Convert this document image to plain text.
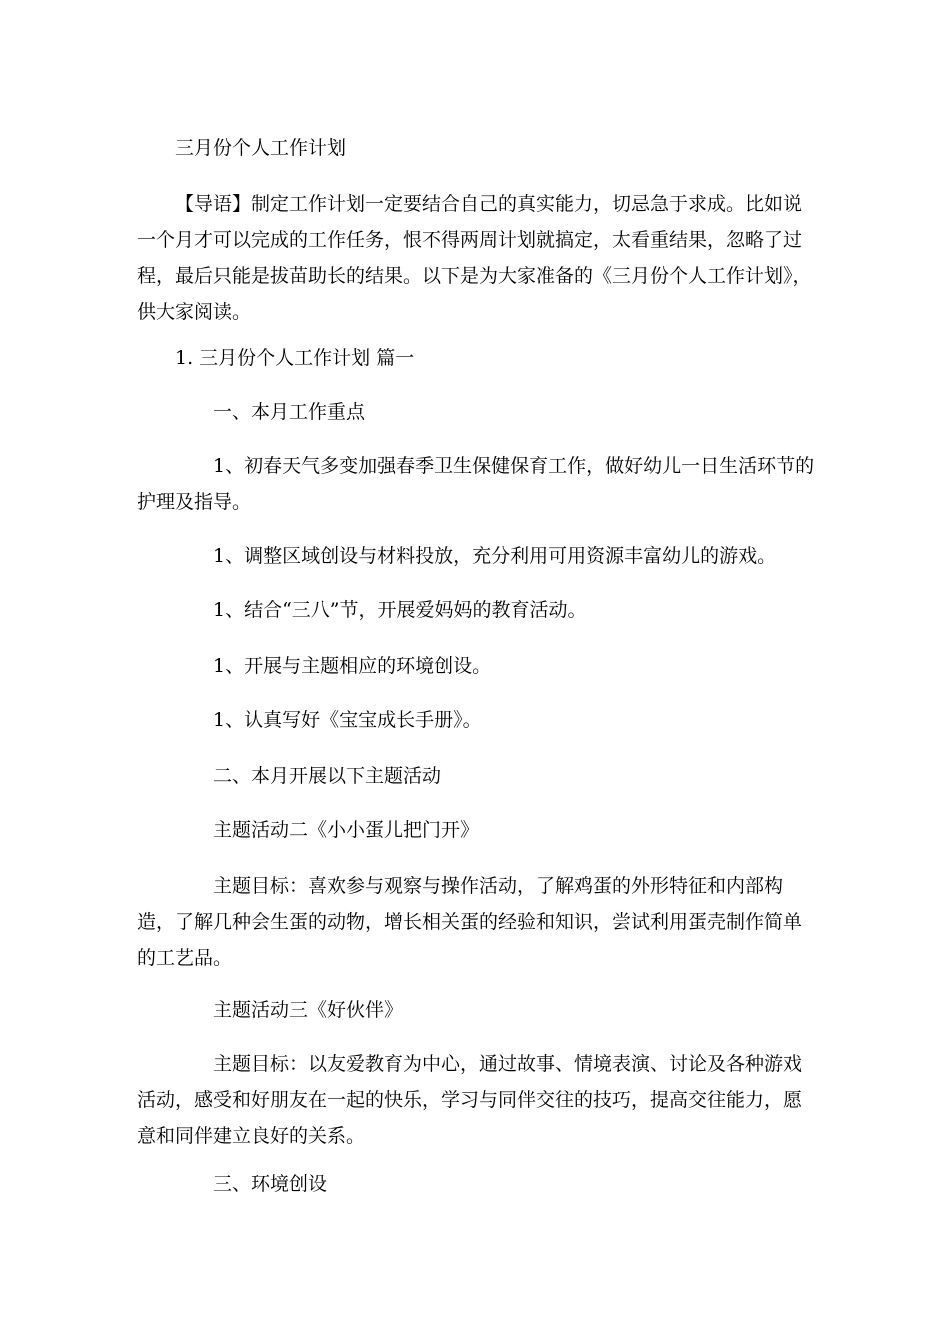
三月份个人工作计划

【导语】制定工作计划一定要结合自己的真实能力，切忌急于求成。比如说一个月才可以完成的工作任务，恨不得两周计划就搞定，太看重结果，忽略了过程，最后只能是拔苗助长的结果。以下是为大家准备的《三月份个人工作计划》，供大家阅读。

1. 三月份个人工作计划 篇一

一、本月工作重点

1、初春天气多变加强春季卫生保健保育工作，做好幼儿一日生活环节的护理及指导。

1、调整区域创设与材料投放，充分利用可用资源丰富幼儿的游戏。

1、结合“三八”节，开展爱妈妈的教育活动。

1、开展与主题相应的环境创设。

1、认真写好《宝宝成长手册》。

二、本月开展以下主题活动

主题活动二《小小蛋儿把门开》

主题目标：喜欢参与观察与操作活动，了解鸡蛋的外形特征和内部构造，了解几种会生蛋的动物，增长相关蛋的经验和知识，尝试利用蛋壳制作简单的工艺品。

主题活动三《好伙伴》

主题目标：以友爱教育为中心，通过故事、情境表演、讨论及各种游戏活动，感受和好朋友在一起的快乐，学习与同伴交往的技巧，提高交往能力，愿意和同伴建立良好的关系。

三、环境创设
